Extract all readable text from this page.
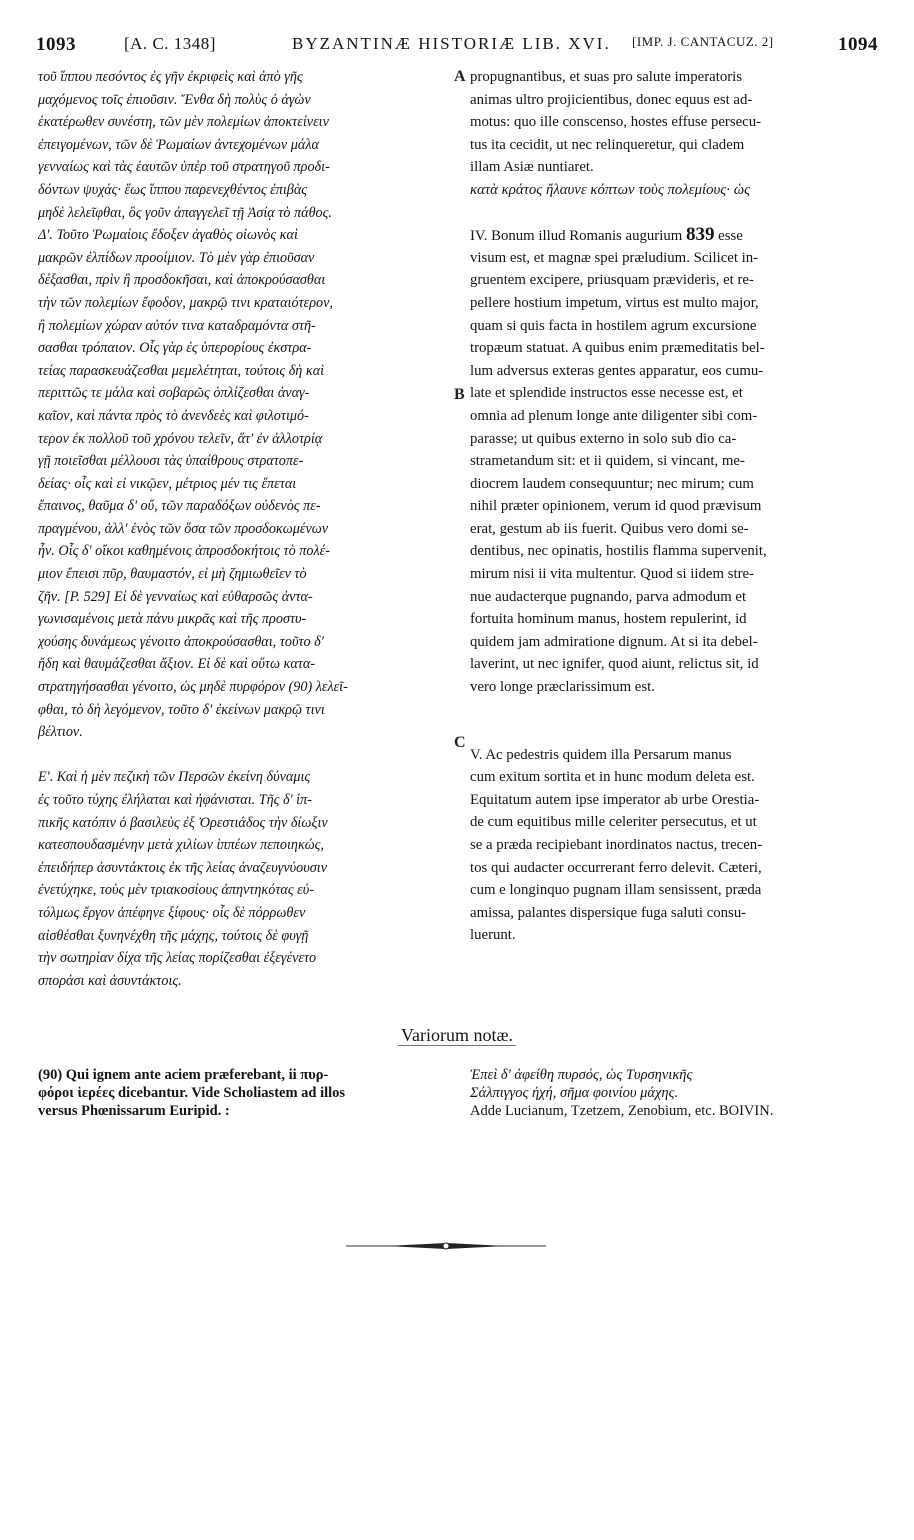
1093	[A. C. 1348]	BYZANTINÆ HISTORIÆ LIB. XVI. [IMP. J. CANTACUZ. 2]	1094
τοῦ ἵππου πεσόντος ἐς γῆν ἐκριφεὶς καὶ ἀπὸ γῆς
μαχόμενος τοῖς ἐπιοῦσιν. Ἔνθα δὴ πολὺς ὁ ἀγὼν
ἑκατέρωθεν συνέστη, τῶν μὲν πολεμίων ἀποκτείνειν
ἐπειγομένων, τῶν δὲ Ῥωμαίων ἀντεχομένων μάλα
γενναίως καὶ τὰς ἑαυτῶν ὑπὲρ τοῦ στρατηγοῦ προδι-
δόντων ψυχάς· ἕως ἵππου παρενεχθέντος ἐπιβὰς
μηδὲ λελεῖφθαι, ὃς γοῦν ἀπαγγελεῖ τῇ Ἀσίᾳ τὸ πάθος.
Δ'. Τοῦτο Ῥωμαίοις ἔδοξεν ἀγαθὸς οἰωνὸς καὶ
μακρῶν ἐλπίδων προοίμιον. Τὸ μὲν γὰρ ἐπιοῦσαν
δέξασθαι, πρὶν ἢ προσδοκῆσαι, καὶ ἀποκρούσασθαι
τὴν τῶν πολεμίων ἔφοδον, μακρῷ τινι κραταιότερον,
ἢ πολεμίων χώραν αὐτόν τινα καταδραμόντα στῆ-
σασθαι τρόπαιον. Οἷς γὰρ ἐς ὑπερορίους ἐκστρα-
τείας παρασκευάζεσθαι μεμελέτηται, τούτοις δὴ καὶ
περιττῶς τε μάλα καὶ σοβαρῶς ὁπλίζεσθαι ἀναγ-
καῖον, καὶ πάντα πρὸς τὸ ἀνενδεὲς καὶ φιλοτιμό-
τερον ἐκ πολλοῦ τοῦ χρόνου τελεῖν, ἅτ' ἐν ἀλλοτρίᾳ
γῇ ποιεῖσθαι μέλλουσι τὰς ὑπαίθρους στρατοπε-
δείας· οἷς καὶ εἰ νικῷεν, μέτριος μέν τις ἕπεται
ἔπαινος, θαῦμα δ' οὔ, τῶν παραδόξων οὐδενὸς πε-
πραγμένου, ἀλλ' ἑνὸς τῶν ὅσα τῶν προσδοκωμένων
ἦν. Οἷς δ' οἴκοι καθημένοις ἀπροσδοκήτοις τὸ πολέ-
μιον ἔπεισι πῦρ, θαυμαστόν, εἰ μὴ ζημιωθεῖεν τὸ
ζῆν. [P. 529] Εἰ δὲ γενναίως καὶ εὐθαρσῶς ἀντα-
γωνισαμένοις μετὰ πάνυ μικρᾶς καὶ τῆς προστυ-
χούσης δυνάμεως γένοιτο ἀποκρούσασθαι, τοῦτο δ'
ἤδη καὶ θαυμάζεσθαι ἄξιον. Εἰ δὲ καὶ οὕτω κατα-
στρατηγήσασθαι γένοιτο, ὡς μηδὲ πυρφόρον (90) λελεῖ-
φθαι, τὸ δὴ λεγόμενον, τοῦτο δ' ἐκείνων μακρῷ τινι
βέλτιον.
Ε'. Καὶ ἡ μὲν πεζικὴ τῶν Περσῶν ἐκείνη δύναμις
ἐς τοῦτο τύχης ἐλήλαται καὶ ἠφάνισται. Τῆς δ' ἱπ-
πικῆς κατόπιν ὁ βασιλεὺς ἐξ Ὀρεστιάδος τὴν δίωξιν
κατεσπουδασμένην μετὰ χιλίων ἱππέων πεποιηκώς,
ἐπειδήπερ ἀσυντάκτοις ἐκ τῆς λείας ἀναζευγνύουσιν
ἐνετύχηκε, τοὺς μὲν τριακοσίους ἀπηντηκότας εὐ-
τόλμως ἔργον ἀπέφηνε ξίφους· οἷς δὲ πόρρωθεν
αἰσθέσθαι ξυνηνέχθη τῆς μάχης, τούτοις δὲ φυγῇ
τὴν σωτηρίαν δίχα τῆς λείας πορίζεσθαι ἐξεγένετο
σποράσι καὶ ἀσυντάκτοις.
propugnantibus, et suas pro salute imperatoris
animas ultro projicientibus, donec equus est ad-
motus: quo ille conscenso, hostes effuse persecu-
tus ita cecidit, ut nec relinqueretur, qui cladem
illam Asiæ nuntiaret.
κατὰ κράτος ἤλαυνε κόπτων τοὺς πολεμίους· ὡς
IV. Bonum illud Romanis augurium 839 esse
visum est, et magnæ spei præludium. Scilicet in-
gruentem excipere, priusquam prævideris, et re-
pellere hostium impetum, virtus est multo major,
quam si quis facta in hostilem agrum excursione
tropæum statuat. A quibus enim præmeditatis bel-
lum adversus exteras gentes apparatur, eos cumu-
late et splendide instructos esse necesse est, et
omnia ad plenum longe ante diligenter sibi com-
parasse; ut quibus externo in solo sub dio ca-
strametandum sit: et ii quidem, si vincant, me-
diocrem laudem consequuntur; nec mirum; cum
nihil præter opinionem, verum id quod prævisum
erat, gestum ab iis fuerit. Quibus vero domi se-
dentibus, nec opinatis, hostilis flamma supervenit,
mirum nisi ii vita multentur. Quod si iidem stre-
nue audacterque pugnando, parva admodum et
fortuita hominum manus, hostem repulerint, id
quidem jam admiratione dignum. At si ita debel-
laverint, ut nec ignifer, quod aiunt, relictus sit, id
vero longe præclarissimum est.
V. Ac pedestris quidem illa Persarum manus
cum exitum sortita et in hunc modum deleta est.
Equitatum autem ipse imperator ab urbe Orestia-
de cum equitibus mille celeriter persecutus, et ut
se a præda recipiebant inordinatos nactus, trecen-
tos qui audacter occurrerant ferro delevit. Cæteri,
cum e longinquo pugnam illam sensissent, præda
amissa, palantes dispersique fuga saluti consu-
luerunt.
A
B
C
Variorum notæ.
(90) Qui ignem ante aciem præferebant, ii πυρ-
φόροι ἱερέες dicebantur. Vide Scholiastem ad illos
versus Phœnissarum Euripid. :
Ἐπεὶ δ' ἀφείθη πυρσός, ὡς Τυρσηνικῆς
Σάλπιγγος ἠχή, σῆμα φοινίου μάχης.
Adde Lucianum, Tzetzem, Zenobium, etc. BOIVIN.
